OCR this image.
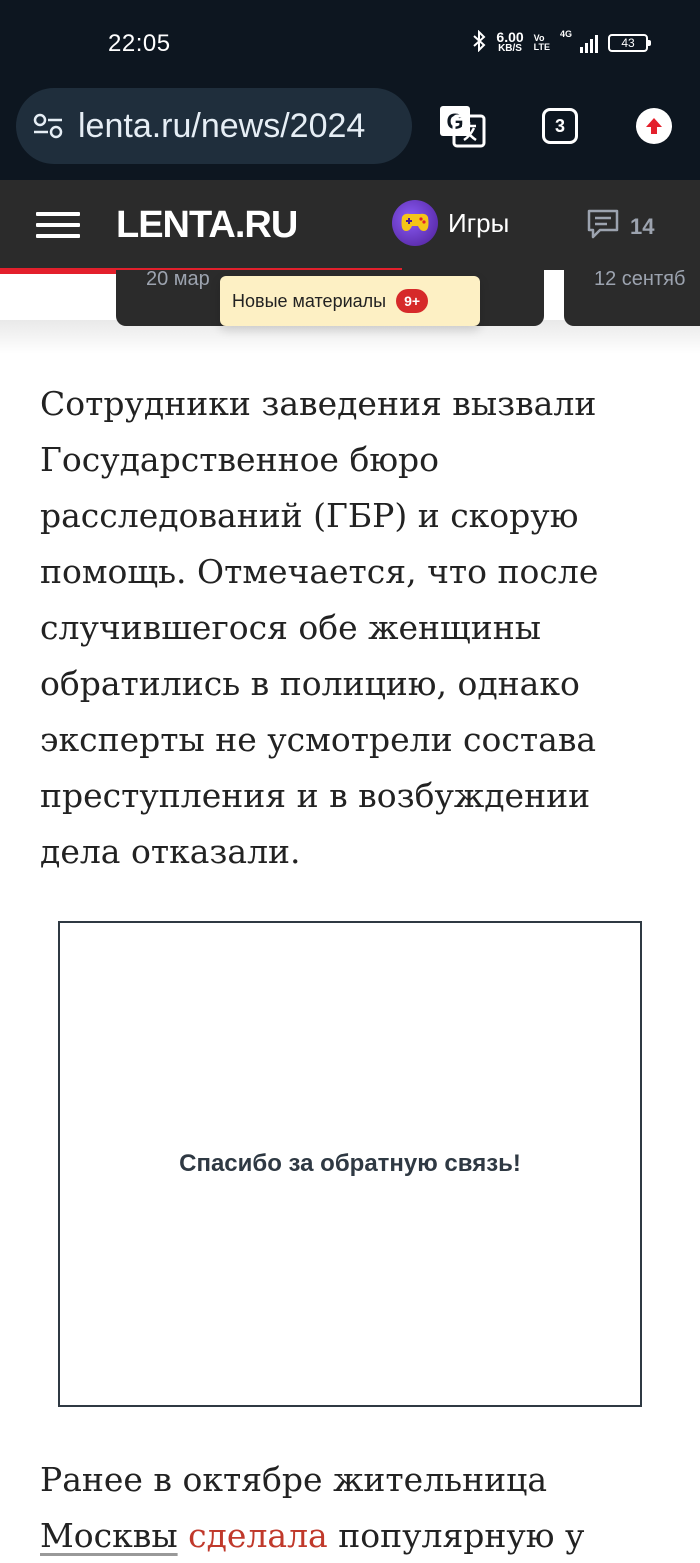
22:05	6.00
KB/S
Vo
LTE
4G
43
lenta.ru/news/2024	G	3
LENTA.RU	Игры	14
20 мар	12 сентяб
Новые материалы	9+

Сотрудники заведения вызвали Государственное бюро расследований (ГБР) и скорую помощь. Отмечается, что после случившегося обе женщины обратились в полицию, однако эксперты не усмотрели состава преступления и в возбуждении дела отказали.

Спасибо за обратную связь!

Ранее в октябре жительница Москвы сделала популярную у
